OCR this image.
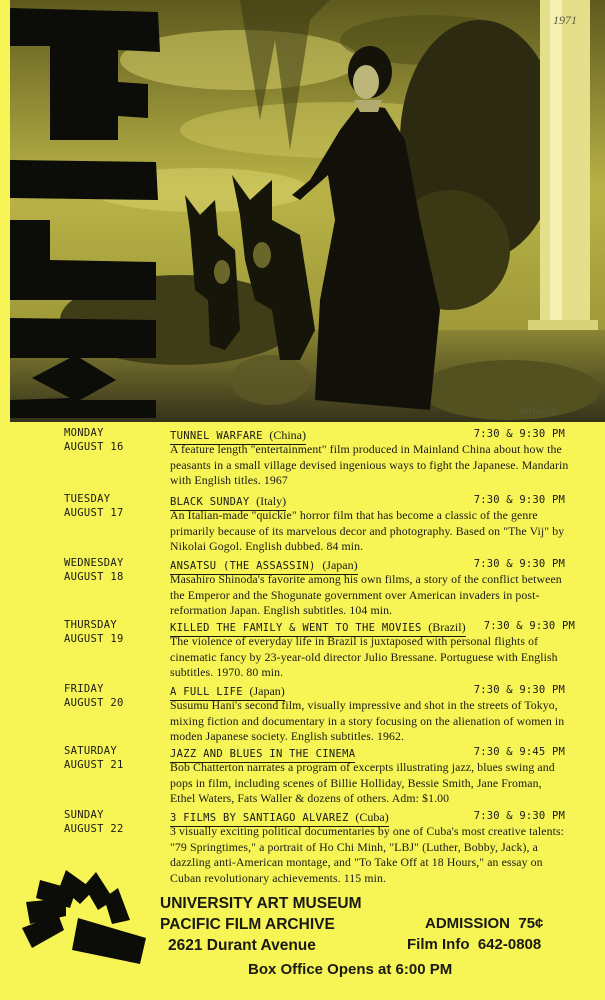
1971
6015-26
MONDAY
AUGUST 16
TUNNEL WARFARE (China)	7:30 & 9:30 PM
A feature length "entertainment" film produced in Mainland China about how the peasants in a small village devised ingenious ways to fight the Japanese. Mandarin with English titles. 1967
TUESDAY
AUGUST 17
BLACK SUNDAY (Italy)	7:30 & 9:30 PM
An Italian-made "quickie" horror film that has become a classic of the genre primarily because of its marvelous decor and photography. Based on "The Vij" by Nikolai Gogol. English dubbed. 84 min.
WEDNESDAY
AUGUST 18
ANSATSU (THE ASSASSIN) (Japan)	7:30 & 9:30 PM
Masahiro Shinoda's favorite among his own films, a story of the conflict between the Emperor and the Shogunate government over American invaders in post-reformation Japan. English subtitles. 104 min.
THURSDAY
AUGUST 19
KILLED THE FAMILY & WENT TO THE MOVIES (Brazil) 7:30 & 9:30 PM
The violence of everyday life in Brazil is juxtaposed with personal flights of cinematic fancy by 23-year-old director Julio Bressane. Portuguese with English subtitles. 1970. 80 min.
FRIDAY
AUGUST 20
A FULL LIFE (Japan)	7:30 & 9:30 PM
Susumu Hani's second film, visually impressive and shot in the streets of Tokyo, mixing fiction and documentary in a story focusing on the alienation of women in moden Japanese society. English subtitles. 1962.
SATURDAY
AUGUST 21
JAZZ AND BLUES IN THE CINEMA	7:30 & 9:45 PM
Bob Chatterton narrates a program of excerpts illustrating jazz, blues swing and pops in film, including scenes of Billie Holliday, Bessie Smith, Jane Froman, Ethel Waters, Fats Waller & dozens of others. Adm: $1.00
SUNDAY
AUGUST 22
3 FILMS BY SANTIAGO ALVAREZ (Cuba)	7:30 & 9:30 PM
3 visually exciting political documentaries by one of Cuba's most creative talents: "79 Springtimes," a portrait of Ho Chi Minh, "LBJ" (Luther, Bobby, Jack), a dazzling anti-American montage, and "To Take Off at 18 Hours," an essay on Cuban revolutionary achievements. 115 min.
UNIVERSITY ART MUSEUM
PACIFIC FILM ARCHIVE
2621 Durant Avenue
ADMISSION 75¢
Film Info 642-0808
Box Office Opens at 6:00 PM
